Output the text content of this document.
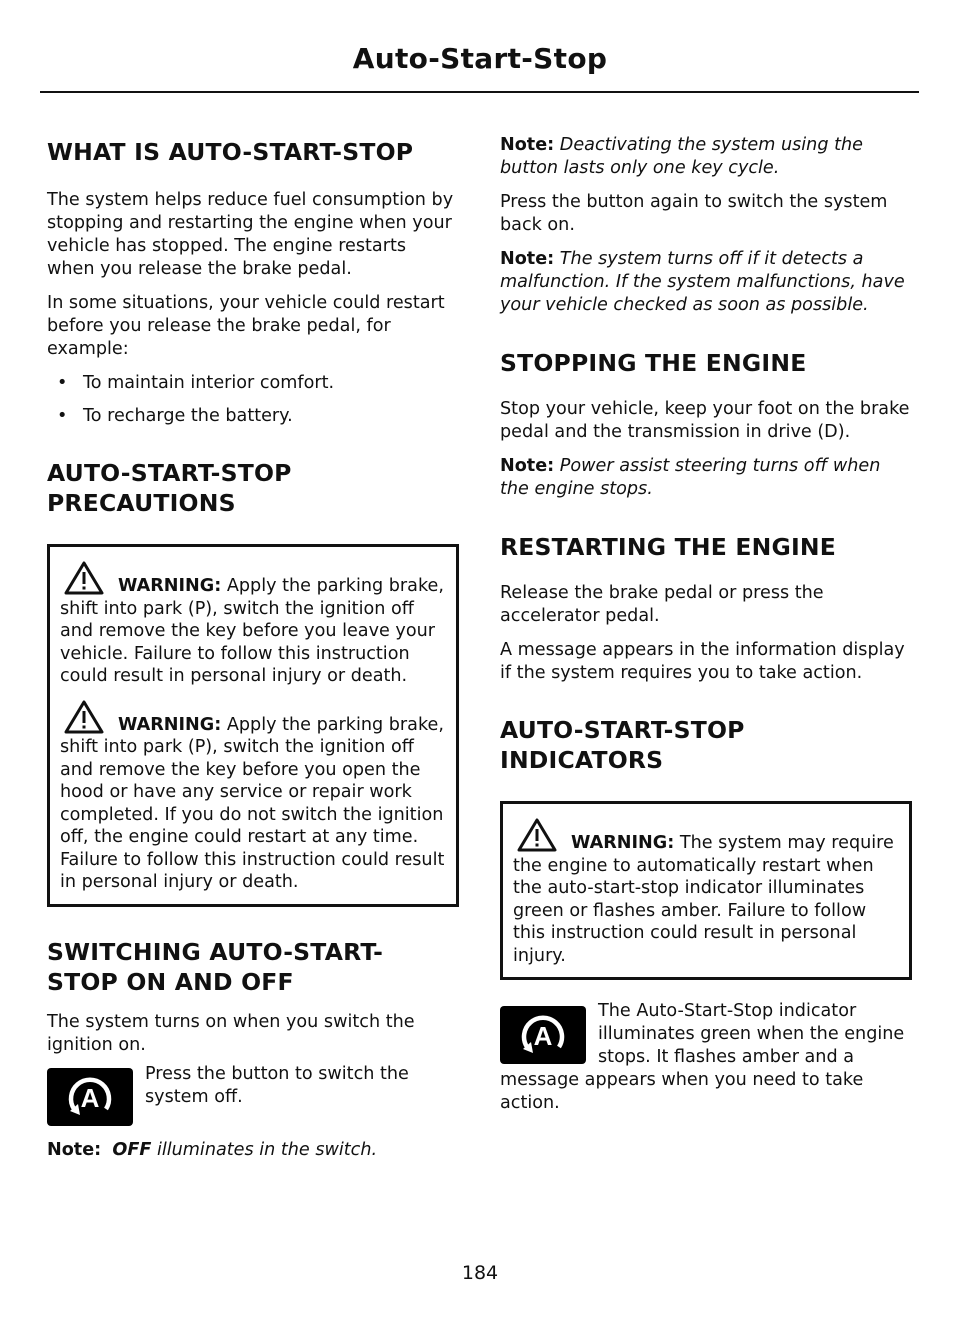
Auto-Start-Stop
WHAT IS AUTO-START-STOP

The system helps reduce fuel consumption by stopping and restarting the engine when your vehicle has stopped. The engine restarts when you release the brake pedal.

In some situations, your vehicle could restart before you release the brake pedal, for example:

• To maintain interior comfort.
• To recharge the battery.
AUTO-START-STOP
PRECAUTIONS

WARNING: Apply the parking brake, shift into park (P), switch the ignition off and remove the key before you leave your vehicle. Failure to follow this instruction could result in personal injury or death.

WARNING: Apply the parking brake, shift into park (P), switch the ignition off and remove the key before you open the hood or have any service or repair work completed. If you do not switch the ignition off, the engine could restart at any time. Failure to follow this instruction could result in personal injury or death.

SWITCHING AUTO-START-
STOP ON AND OFF

The system turns on when you switch the ignition on.

A

Press the button to switch the system off.

Note: OFF illuminates in the switch.

Note: Deactivating the system using the button lasts only one key cycle.

Press the button again to switch the system back on.

Note: The system turns off if it detects a malfunction. If the system malfunctions, have your vehicle checked as soon as possible.

STOPPING THE ENGINE

Stop your vehicle, keep your foot on the brake pedal and the transmission in drive (D).

Note: Power assist steering turns off when the engine stops.

RESTARTING THE ENGINE

Release the brake pedal or press the accelerator pedal.

A message appears in the information display if the system requires you to take action.

AUTO-START-STOP
INDICATORS

WARNING: The system may require the engine to automatically restart when the auto-start-stop indicator illuminates green or flashes amber. Failure to follow this instruction could result in personal injury.

A

The Auto-Start-Stop indicator illuminates green when the engine stops. It flashes amber and a message appears when you need to take action.

184
